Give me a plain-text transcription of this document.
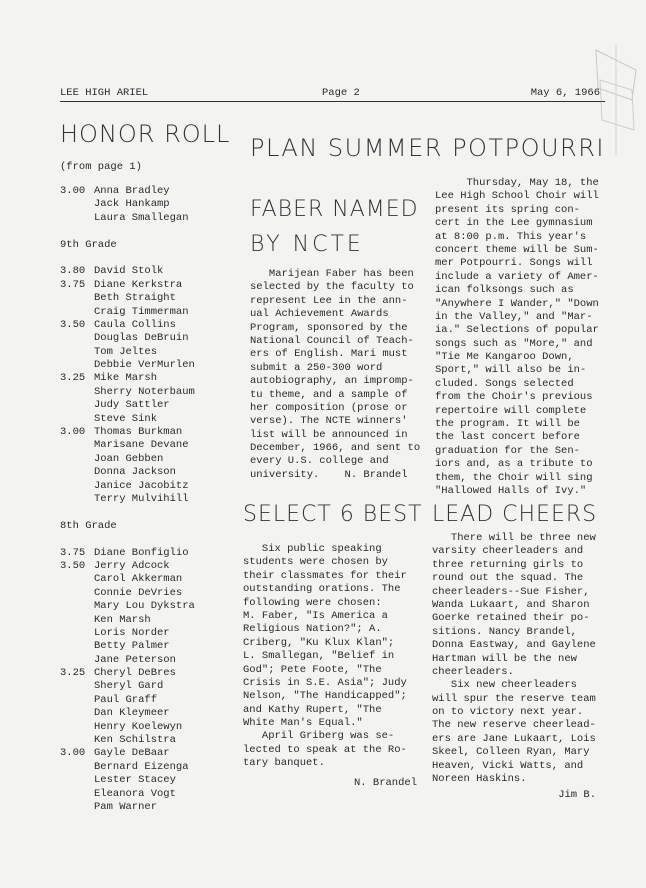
LEE HIGH ARIEL	Page 2	May 6, 1966
HONOR ROLL PLAN SUMMER POTPOURRI
FABER NAMED
BY NCTE
SELECT 6 BEST LEAD CHEERS
(from page 1)
3.00 Anna Bradley
Jack Hankamp
Laura Smallegan
9th Grade
3.80 David Stolk
3.75 Diane Kerkstra
Beth Straight
Craig Timmerman
3.50 Caula Collins
Douglas DeBruin
Tom Jeltes
Debbie VerMurlen
3.25 Mike Marsh
Sherry Noterbaum
Judy Sattler
Steve Sink
3.00 Thomas Burkman
Marisane Devane
Joan Gebben
Donna Jackson
Janice Jacobitz
Terry Mulvihill
8th Grade
3.75 Diane Bonfiglio
3.50 Jerry Adcock
Carol Akkerman
Connie DeVries
Mary Lou Dykstra
Ken Marsh
Loris Norder
Betty Palmer
Jane Peterson
3.25 Cheryl DeBres
Sheryl Gard
Paul Graff
Dan Kleymeer
Henry Koelewyn
Ken Schilstra
3.00 Gayle DeBaar
Bernard Eizenga
Lester Stacey
Eleanora Vogt
Pam Warner
Marijean Faber has been
selected by the faculty to
represent Lee in the ann-
ual Achievement Awards
Program, sponsored by the
National Council of Teach-
ers of English. Mari must
submit a 250-300 word
autobiography, an impromp-
tu theme, and a sample of
her composition (prose or
verse). The NCTE winners'
list will be announced in
December, 1966, and sent to
every U.S. college and
university.    N. Brandel
Thursday, May 18, the
Lee High School Choir will
present its spring con-
cert in the Lee gymnasium
at 8:00 p.m. This year's
concert theme will be Sum-
mer Potpourri. Songs will
include a variety of Amer-
ican folksongs such as
"Anywhere I Wander," "Down
in the Valley," and "Mar-
ia." Selections of popular
songs such as "More," and
"Tie Me Kangaroo Down,
Sport," will also be in-
cluded. Songs selected
from the Choir's previous
repertoire will complete
the program. It will be
the last concert before
graduation for the Sen-
iors and, as a tribute to
them, the Choir will sing
"Hallowed Halls of Ivy."
Six public speaking
students were chosen by
their classmates for their
outstanding orations. The
following were chosen:
M. Faber, "Is America a
Religious Nation?"; A.
Criberg, "Ku Klux Klan";
L. Smallegan, "Belief in
God"; Pete Foote, "The
Crisis in S.E. Asia"; Judy
Nelson, "The Handicapped";
and Kathy Rupert, "The
White Man's Equal."
April Griberg was se-
lected to speak at the Ro-
tary banquet.
N. Brandel
There will be three new
varsity cheerleaders and
three returning girls to
round out the squad. The
cheerleaders--Sue Fisher,
Wanda Lukaart, and Sharon
Goerke retained their po-
sitions. Nancy Brandel,
Donna Eastway, and Gaylene
Hartman will be the new
cheerleaders.
Six new cheerleaders
will spur the reserve team
on to victory next year.
The new reserve cheerlead-
ers are Jane Lukaart, Lois
Skeel, Colleen Ryan, Mary
Heaven, Vicki Watts, and
Noreen Haskins.
Jim B.
